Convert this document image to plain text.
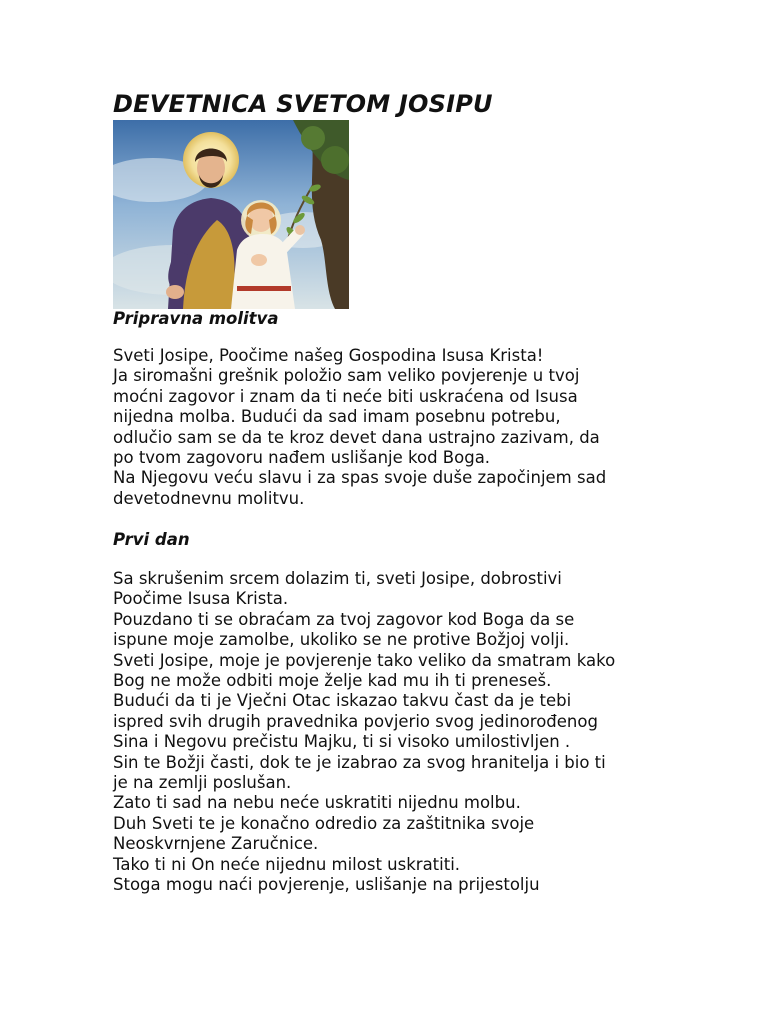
DEVETNICA SVETOM JOSIPU
Pripravna molitva
Sveti Josipe, Poočime našeg Gospodina Isusa Krista!
Ja siromašni grešnik položio sam veliko povjerenje u tvoj
moćni zagovor i znam da ti neće biti uskraćena od Isusa
nijedna molba. Budući da sad imam posebnu potrebu,
odlučio sam se da te kroz devet dana ustrajno zazivam, da
po tvom zagovoru nađem uslišanje kod Boga.
Na Njegovu veću slavu i za spas svoje duše započinjem sad
devetodnevnu molitvu.
Prvi dan
Sa skrušenim srcem dolazim ti, sveti Josipe, dobrostivi
Poočime Isusa Krista.
Pouzdano ti se obraćam za tvoj zagovor kod Boga da se
ispune moje zamolbe, ukoliko se ne protive Božjoj volji.
Sveti Josipe, moje je povjerenje tako veliko da smatram kako
Bog ne može odbiti moje želje kad mu ih ti preneseš.
Budući da ti je Vječni Otac iskazao takvu čast da je tebi
ispred svih drugih pravednika povjerio svog jedinorođenog
Sina i Negovu prečistu Majku, ti si visoko umilostivljen .
Sin te Božji časti, dok te je izabrao za svog hranitelja i bio ti
je na zemlji poslušan.
Zato ti sad na nebu neće uskratiti nijednu molbu.
Duh Sveti te je konačno odredio za zaštitnika svoje
Neoskvrnjene Zaručnice.
Tako ti ni On neće nijednu milost uskratiti.
Stoga mogu naći povjerenje, uslišanje na prijestolju
